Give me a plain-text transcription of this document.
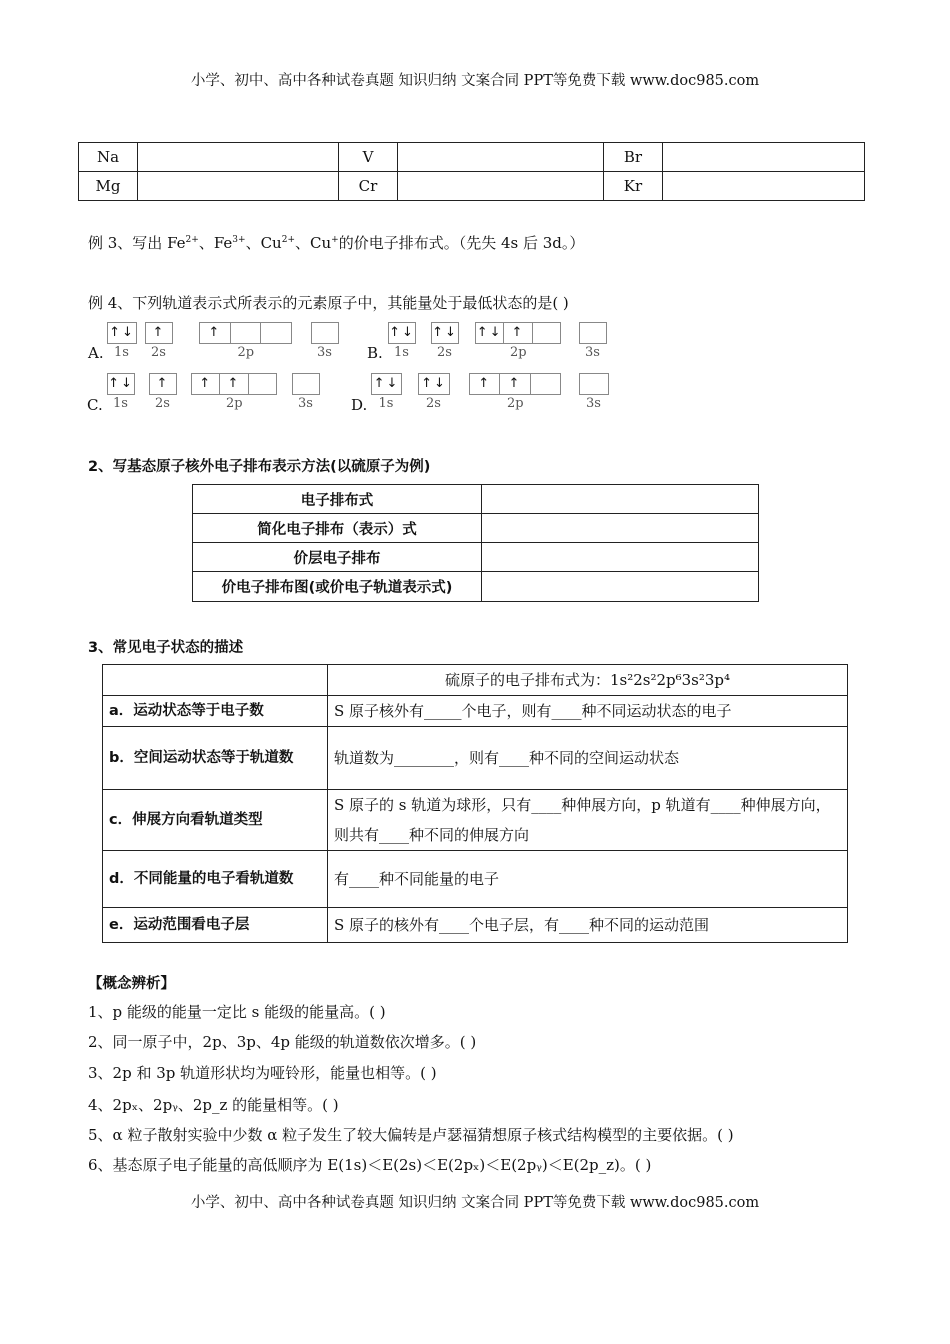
小学、初中、高中各种试卷真题 知识归纳 文案合同 PPT等免费下载 www.doc985.com
Na		V		Br	
Mg		Cr		Kr	
例 3、写出 $Fe^{2+}$、$Fe^{3+}$、$Cu^{2+}$、Cu+的价电子排布式。（先失 4s 后 3d。）
例 4、下列轨道表示式所表示的元素原子中，其能量处于最低状态的是( )
A.
↑↓
1s
↑
2s
↑
2p	3s B.
↑↓
1s
↑↓
2s
↑↓ ↑
2p	3s
C.
↑↓
1s
↑
2s
↑	↑
2p	3s	D.
↑↓
1s
↑↓
2s
↑	↑
2p	3s
2、写基态原子核外电子排布表示方法(以硫原子为例)
电子排布式	
简化电子排布（表示）式	
价层电子排布	
价电子排布图(或价电子轨道表示式)	
3、常见电子状态的描述
	硫原子的电子排布式为：1s²2s²2p⁶3s²3p⁴
a．运动状态等于电子数	S 原子核外有_____个电子，则有____种不同运动状态的电子
b．空间运动状态等于轨道数	轨道数为________，则有____种不同的空间运动状态
c．伸展方向看轨道类型	S 原子的 s 轨道为球形，只有____种伸展方向，p 轨道有____种伸展方向，则共有____种不同的伸展方向
d．不同能量的电子看轨道数	有____种不同能量的电子
e．运动范围看电子层	S 原子的核外有____个电子层，有____种不同的运动范围
【概念辨析】
1、p 能级的能量一定比 s 能级的能量高。( )
2、同一原子中，2p、3p、4p 能级的轨道数依次增多。( )
3、2p 和 3p 轨道形状均为哑铃形，能量也相等。( )
4、2pₓ、2pᵧ、2p_z 的能量相等。( )
5、α 粒子散射实验中少数 α 粒子发生了较大偏转是卢瑟福猜想原子核式结构模型的主要依据。( )
6、基态原子电子能量的高低顺序为 E(1s)＜E(2s)＜E(2pₓ)＜E(2pᵧ)＜E(2p_z)。( )
小学、初中、高中各种试卷真题 知识归纳 文案合同 PPT等免费下载 www.doc985.com
